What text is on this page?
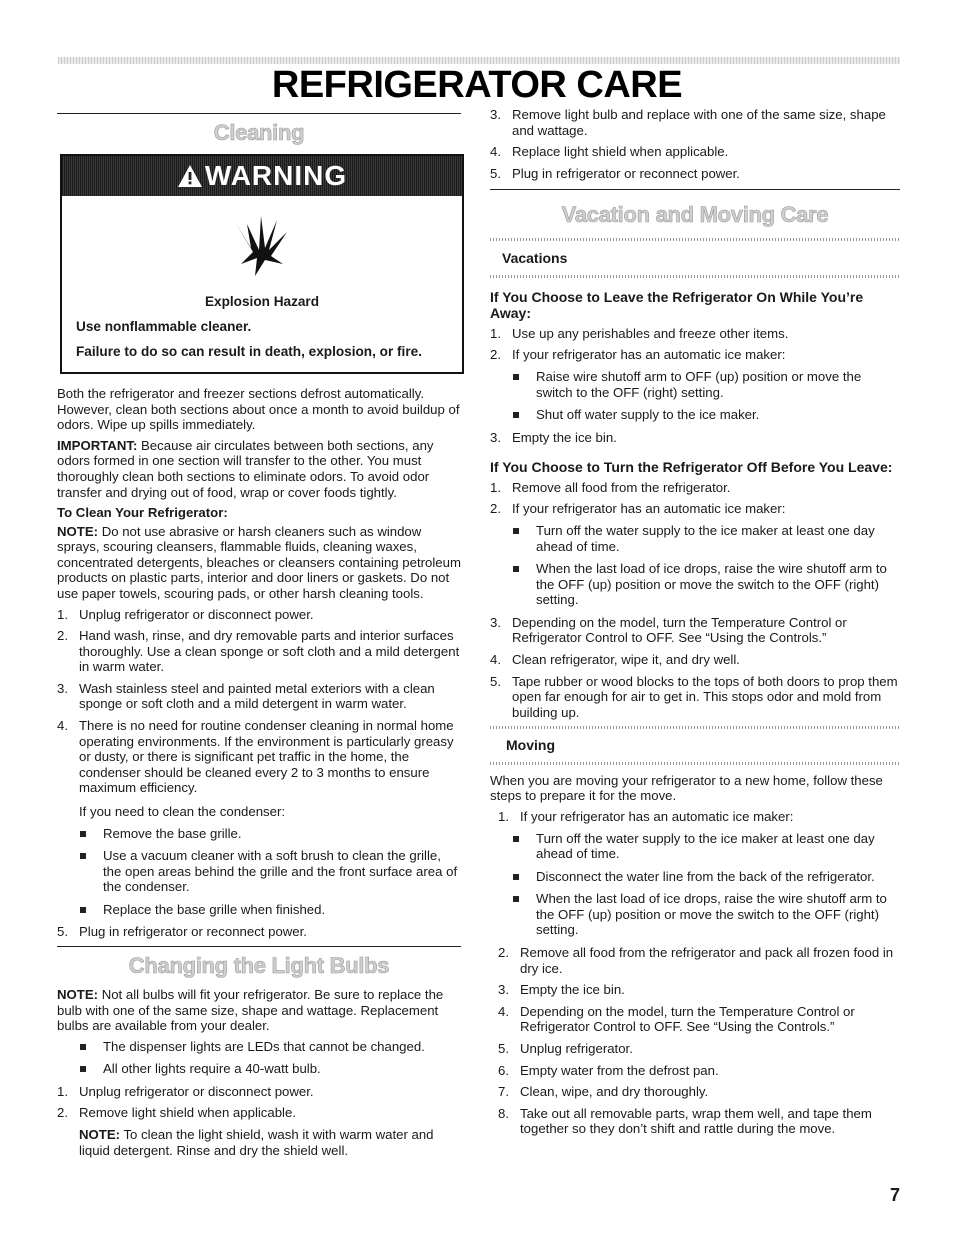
REFRIGERATOR CARE
Cleaning
WARNING
Explosion Hazard
Use nonflammable cleaner.
Failure to do so can result in death, explosion, or fire.

Both the refrigerator and freezer sections defrost automatically. However, clean both sections about once a month to avoid buildup of odors. Wipe up spills immediately.

IMPORTANT: Because air circulates between both sections, any odors formed in one section will transfer to the other. You must thoroughly clean both sections to eliminate odors. To avoid odor transfer and drying out of food, wrap or cover foods tightly.

To Clean Your Refrigerator:

NOTE: Do not use abrasive or harsh cleaners such as window sprays, scouring cleansers, flammable fluids, cleaning waxes, concentrated detergents, bleaches or cleansers containing petroleum products on plastic parts, interior and door liners or gaskets. Do not use paper towels, scouring pads, or other harsh cleaning tools.

1. Unplug refrigerator or disconnect power.
2. Hand wash, rinse, and dry removable parts and interior surfaces thoroughly. Use a clean sponge or soft cloth and a mild detergent in warm water.
3. Wash stainless steel and painted metal exteriors with a clean sponge or soft cloth and a mild detergent in warm water.
4. There is no need for routine condenser cleaning in normal home operating environments. If the environment is particularly greasy or dusty, or there is significant pet traffic in the home, the condenser should be cleaned every 2 to 3 months to ensure maximum efficiency.
If you need to clean the condenser:
Remove the base grille.
Use a vacuum cleaner with a soft brush to clean the grille, the open areas behind the grille and the front surface area of the condenser.
Replace the base grille when finished.
5. Plug in refrigerator or reconnect power.
Changing the Light Bulbs

NOTE: Not all bulbs will fit your refrigerator. Be sure to replace the bulb with one of the same size, shape and wattage. Replacement bulbs are available from your dealer.

The dispenser lights are LEDs that cannot be changed.
All other lights require a 40-watt bulb.
1. Unplug refrigerator or disconnect power.
2. Remove light shield when applicable.
NOTE: To clean the light shield, wash it with warm water and liquid detergent. Rinse and dry the shield well.
3. Remove light bulb and replace with one of the same size, shape and wattage.
4. Replace light shield when applicable.
5. Plug in refrigerator or reconnect power.
Vacation and Moving Care
Vacations
If You Choose to Leave the Refrigerator On While You’re Away:
1. Use up any perishables and freeze other items.
2. If your refrigerator has an automatic ice maker:
Raise wire shutoff arm to OFF (up) position or move the switch to the OFF (right) setting.
Shut off water supply to the ice maker.
3. Empty the ice bin.
If You Choose to Turn the Refrigerator Off Before You Leave:
1. Remove all food from the refrigerator.
2. If your refrigerator has an automatic ice maker:
Turn off the water supply to the ice maker at least one day ahead of time.
When the last load of ice drops, raise the wire shutoff arm to the OFF (up) position or move the switch to the OFF (right) setting.
3. Depending on the model, turn the Temperature Control or Refrigerator Control to OFF. See “Using the Controls.”
4. Clean refrigerator, wipe it, and dry well.
5. Tape rubber or wood blocks to the tops of both doors to prop them open far enough for air to get in. This stops odor and mold from building up.
Moving

When you are moving your refrigerator to a new home, follow these steps to prepare it for the move.

1. If your refrigerator has an automatic ice maker:
Turn off the water supply to the ice maker at least one day ahead of time.
Disconnect the water line from the back of the refrigerator.
When the last load of ice drops, raise the wire shutoff arm to the OFF (up) position or move the switch to the OFF (right) setting.
2. Remove all food from the refrigerator and pack all frozen food in dry ice.
3. Empty the ice bin.
4. Depending on the model, turn the Temperature Control or Refrigerator Control to OFF. See “Using the Controls.”
5. Unplug refrigerator.
6. Empty water from the defrost pan.
7. Clean, wipe, and dry thoroughly.
8. Take out all removable parts, wrap them well, and tape them together so they don’t shift and rattle during the move.
7
